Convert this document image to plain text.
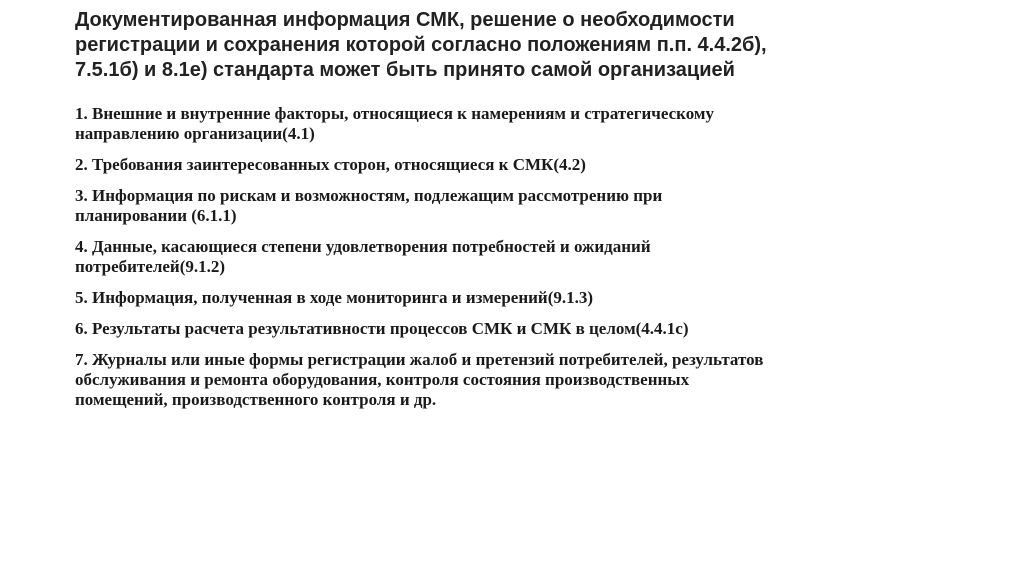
Документированная информация СМК, решение о необходимости
регистрации и сохранения которой согласно положениям п.п. 4.4.2б),
7.5.1б) и 8.1е) стандарта может быть принято самой организацией
1. Внешние и внутренние факторы, относящиеся к намерениям и стратегическому
направлению организации(4.1)
2. Требования заинтересованных сторон, относящиеся к СМК(4.2)
3. Информация по рискам и возможностям, подлежащим рассмотрению при
планировании (6.1.1)
4. Данные, касающиеся степени удовлетворения потребностей и ожиданий
потребителей(9.1.2)
5. Информация, полученная в ходе мониторинга и измерений(9.1.3)
6. Результаты расчета результативности процессов СМК и СМК в целом(4.4.1с)
7. Журналы или иные формы регистрации жалоб и претензий потребителей, результатов
обслуживания и ремонта оборудования, контроля состояния производственных
помещений, производственного контроля и др.
